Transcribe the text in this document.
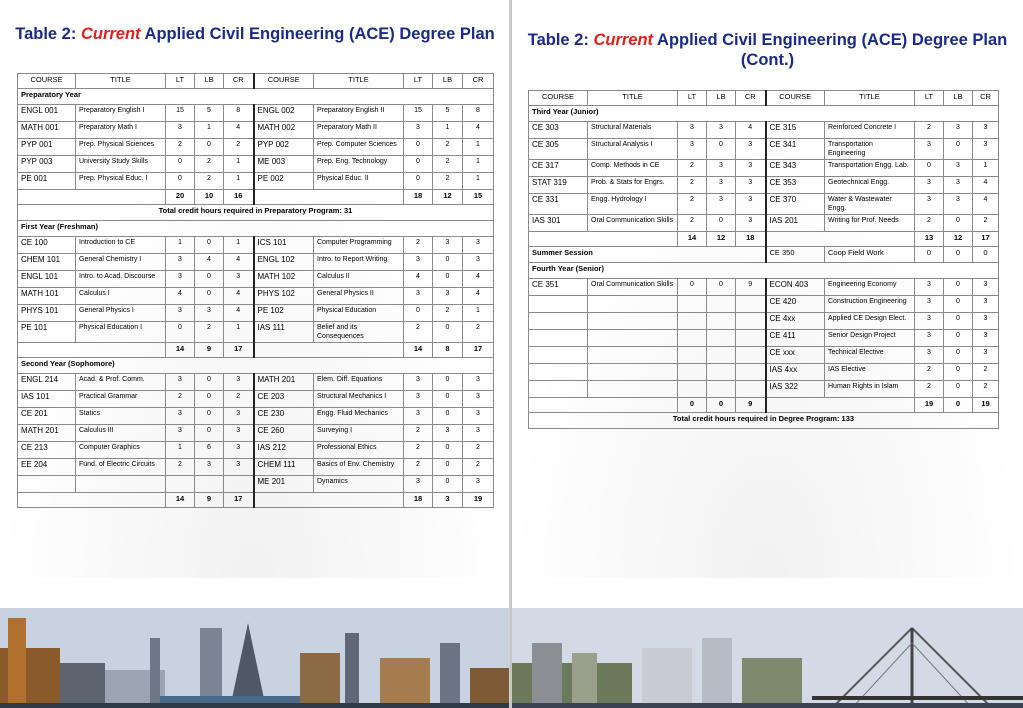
Table 2: Current Applied Civil Engineering (ACE) Degree Plan
COURSE	TITLE	LT	LB	CR	COURSE	TITLE	LT	LB	CR
Preparatory Year									
ENGL 001	Preparatory English I	15	5	8	ENGL 002	Preparatory English II	15	5	8
MATH 001	Preparatory Math I	3	1	4	MATH 002	Preparatory Math II	3	1	4
PYP 001	Prep. Physical Sciences	2	0	2	PYP 002	Prep. Computer Sciences	0	2	1
PYP 003	University Study Skills	0	2	1	ME 003	Prep. Eng. Technology	0	2	1
PE 001	Prep. Physical Educ. I	0	2	1	PE 002	Physical Educ. II	0	2	1
		20	10	16			18	12	15
Total credit hours required in Preparatory Program: 31									
First Year (Freshman)									
CE 100	Introduction to CE	1	0	1	ICS 101	Computer Programming	2	3	3
CHEM 101	General Chemistry I	3	4	4	ENGL 102	Intro. to Report Writing	3	0	3
ENGL 101	Intro. to Acad. Discourse	3	0	3	MATH 102	Calculus II	4	0	4
MATH 101	Calculus I	4	0	4	PHYS 102	General Physics II	3	3	4
PHYS 101	General Physics I	3	3	4	PE 102	Physical Education	0	2	1
PE 101	Physical Education I	0	2	1	IAS 111	Belief and its Consequences	2	0	2
		14	9	17			14	8	17
Second Year (Sophomore)									
ENGL 214	Acad. & Prof. Comm.	3	0	3	MATH 201	Elem. Diff. Equations	3	0	3
IAS 101	Practical Grammar	2	0	2	CE 203	Structural Mechanics I	3	0	3
CE 201	Statics	3	0	3	CE 230	Engg. Fluid Mechanics	3	0	3
MATH 201	Calculus III	3	0	3	CE 260	Surveying I	2	3	3
CE 213	Computer Graphics	1	6	3	IAS 212	Professional Ethics	2	0	2
EE 204	Fund. of Electric Circuits	2	3	3	CHEM 111	Basics of Env. Chemistry	2	0	2
					ME 201	Dynamics	3	0	3
		14	9	17			18	3	19
Table 2: Current Applied Civil Engineering (ACE) Degree Plan
(Cont.)
COURSE	TITLE	LT	LB	CR	COURSE	TITLE	LT	LB	CR
Third Year (Junior)									
CE 303	Structural Materials	3	3	4	CE 315	Reinforced Concrete I	2	3	3
CE 305	Structural Analysis I	3	0	3	CE 341	Transportation Engineering	3	0	3
CE 317	Comp. Methods in CE	2	3	3	CE 343	Transportation Engg. Lab.	0	3	1
STAT 319	Prob. & Stats for Engrs.	2	3	3	CE 353	Geotechnical Engg.	3	3	4
CE 331	Engg. Hydrology I	2	3	3	CE 370	Water & Wastewater Engg.	3	3	4
IAS 301	Oral Communication Skills	2	0	3	IAS 201	Writing for Prof. Needs	2	0	2
		14	12	18			13	12	17
Summer Session					CE 350	Coop Field Work	0	0	0
Fourth Year (Senior)									
CE 351	Oral Communication Skills	0	0	9	ECON 403	Engineering Economy	3	0	3
					CE 420	Construction Engineering	3	0	3
					CE 4xx	Applied CE Design Elect.	3	0	3
					CE 411	Senior Design Project	3	0	3
					CE xxx	Technical Elective	3	0	3
					IAS 4xx	IAS Elective	2	0	2
					IAS 322	Human Rights in Islam	2	0	2
		0	0	9			19	0	19
Total credit hours required in Degree Program: 133									
